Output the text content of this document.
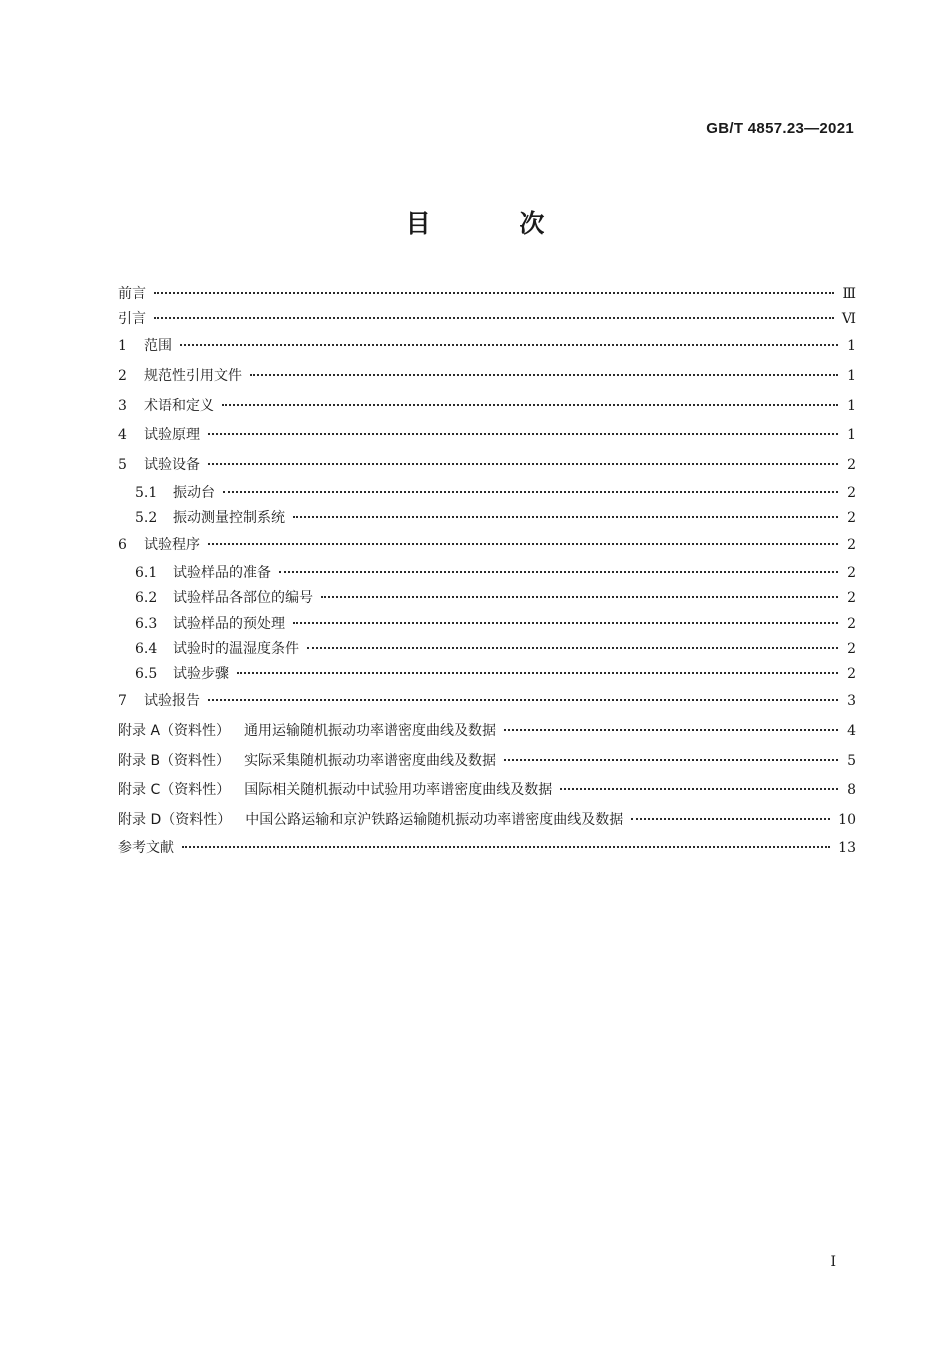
GB/T 4857.23—2021
目 次
前言	Ⅲ
引言	Ⅵ
1	范围	1
2	规范性引用文件	1
3	术语和定义	1
4	试验原理	1
5	试验设备	2
5.1	振动台	2
5.2	振动测量控制系统	2
6	试验程序	2
6.1	试验样品的准备	2
6.2	试验样品各部位的编号	2
6.3	试验样品的预处理	2
6.4	试验时的温湿度条件	2
6.5	试验步骤	2
7	试验报告	3
附录 A（资料性） 通用运输随机振动功率谱密度曲线及数据	4
附录 B（资料性） 实际采集随机振动功率谱密度曲线及数据	5
附录 C（资料性） 国际相关随机振动中试验用功率谱密度曲线及数据	8
附录 D（资料性） 中国公路运输和京沪铁路运输随机振动功率谱密度曲线及数据	10
参考文献	13
I
